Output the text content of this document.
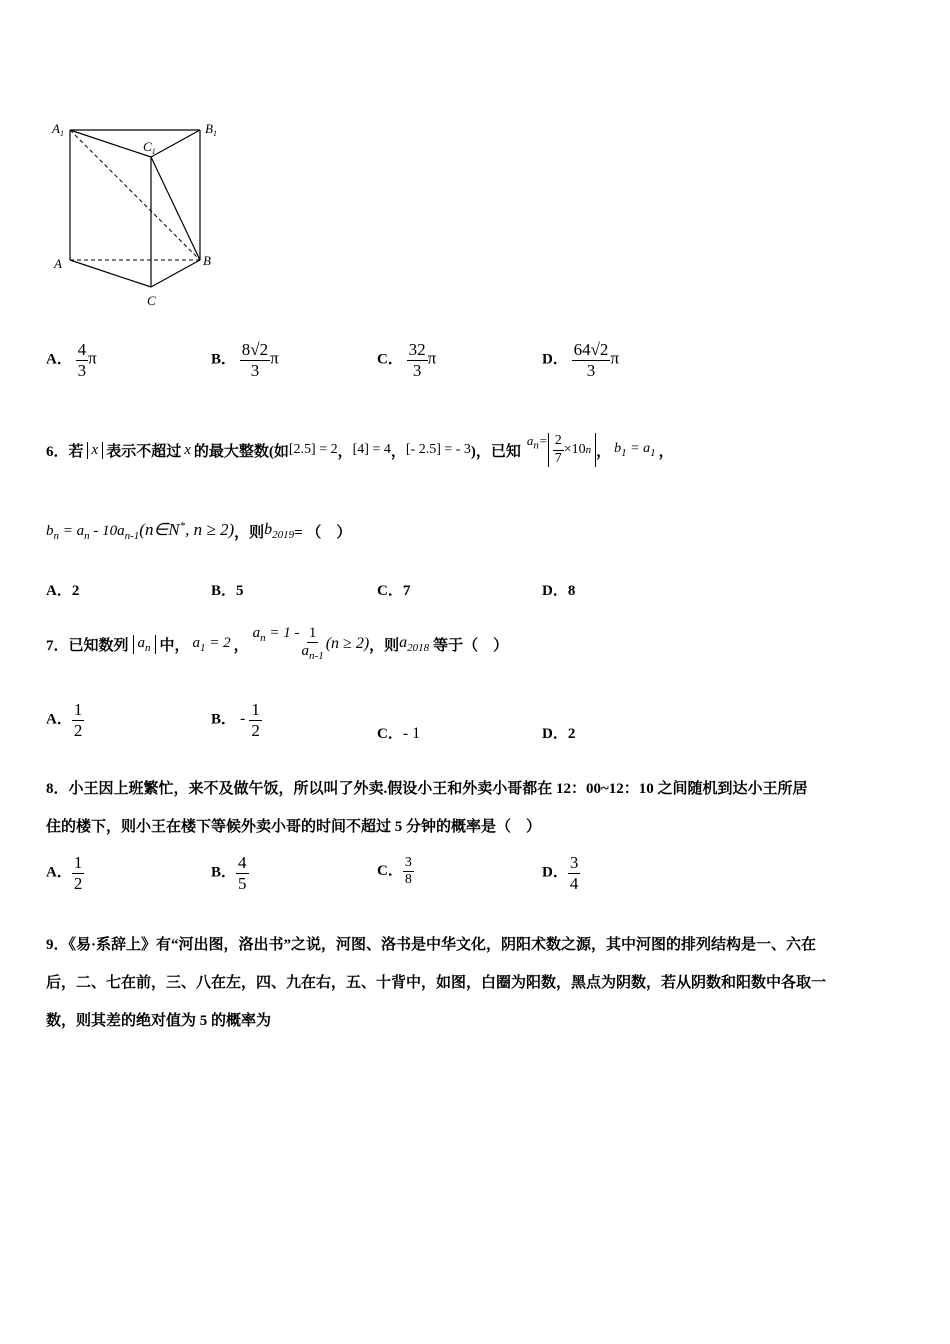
$A_1$	$B_1$
$C_1$
A	B
C
A． $\frac{4}{3}$ π	B． $\frac{8√2}{3}$ π	C． $\frac{32}{3}$ π	D． $\frac{64√2}{3}$ π
6．若 x 表示不超过 x 的最大整数(如 [2.5] = 2 ， [4] = 4 ， [- 2.5] = - 3 )，已知
$a_n= \frac{2}{7} \times 10$ n ， $b_1 = a_1$ ，
$b_n = a_n$ - $10a_{n-1}(n\in N^*$, n ≥ 2) ，则 $b_{2019}$ = （　）
A．2	B．5	C．7	D．8
7．已知数列 $a_n$ 中， $a_1 = 2$ ，
$a_n = 1 - \frac{1}{a_{n-1}} (n \ge 2)$ ，则 $a_{2018}$ 等于（　）
A． $\frac{1}{2}$	B． - $\frac{1}{2}$	C．- 1	D．2
8．小王因上班繁忙，来不及做午饭，所以叫了外卖.假设小王和外卖小哥都在 12：00~12：10 之间随机到达小王所居
住的楼下，则小王在楼下等候外卖小哥的时间不超过 5 分钟的概率是（　）
A． $\frac{1}{2}$	B． $\frac{4}{5}$	C． $\frac{3}{8}$	D． $\frac{3}{4}$
9．《易·系辞上》有“河出图，洛出书”之说，河图、洛书是中华文化，阴阳术数之源，其中河图的排列结构是一、六在
后，二、七在前，三、八在左，四、九在右，五、十背中，如图，白圈为阳数，黑点为阴数，若从阴数和阳数中各取一
数，则其差的绝对值为 5 的概率为
